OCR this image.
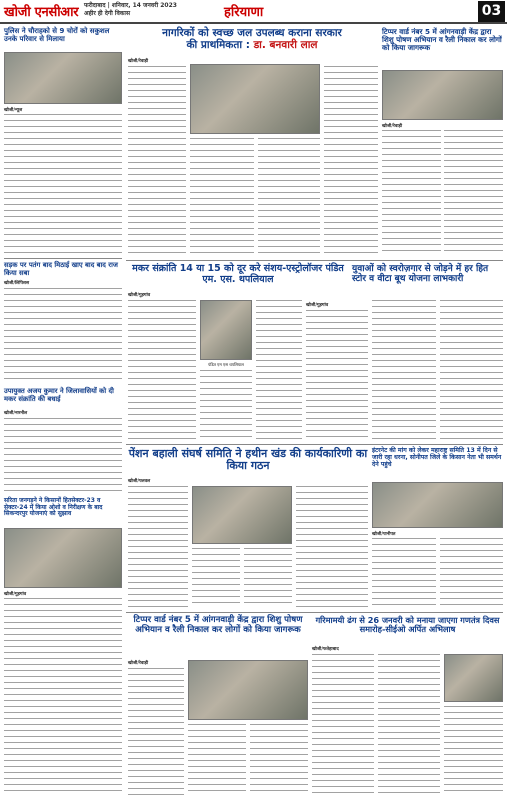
खोजी एनसीआर फरीदाबाद | शनिवार, 14 जनवरी 2023
अहीर ही देगी विकास	हरियाणा	03
पुलिस ने चौराहको से 9 चोरों को सकुशल उनके परिवार से मिलाया
खोजी/न्यूज
नागरिकों को स्वच्छ जल उपलब्ध कराना सरकार
की प्राथमिकता : डा. बनवारी लाल
खोजी/रेवाड़ी
टिप्पर वार्ड नंबर 5 में आंगनवाड़ी केंद्र द्वारा शिशु पोषण अभियान व रैली निकाल कर लोगों को किया जागरूक
खोजी/रेवाड़ी
मकर संक्रांति 14 या 15 को दूर करे संशय-एस्ट्रोलॉजर पंडित एम. एस. थपलियाल
खोजी/गुड़गांव
पंडित एम एस थपलियाल
युवाओं को स्वरोज़गार से जोड़ने में हर हित स्टोर व वीटा बूथ योजना लाभकारी
खोजी/गुड़गांव
सड़क पर पतंग बाद मिठाई खाए बाद बाद राज किया सबा
खोजी/लिपिशस
उपायुक्त अजय कुमार ने जिलावासियों को दी मकर संक्रांति की बधाई
खोजी/नारनौल
सरिता जनगड़ने ने किसानों हितसेक्टर-23 व सेक्टर-24 में किया ओशो व निरीक्षण के बाद सिकन्दरपुर योजनाएं को सुझाव
खोजी/गुड़गांव
पेंशन बहाली संघर्ष समिति ने हथीन खंड की कार्यकारिणी का किया गठन
खोजी/पलवल
इंटरनेट की मांग को लेकर महाराष्ट्र समिति 13 में दिन से जारी रहा धरना, सोनीपत जिले के किसान नेता भी समर्थन देने पहुंचे
खोजी/पानीपत
टिप्पर वार्ड नंबर 5 में आंगनवाड़ी केंद्र द्वारा शिशु पोषण अभियान व रैली निकाल कर लोगों को किया जागरूक
खोजी/रेवाड़ी
गरिमामयी ढंग से 26 जनवरी को मनाया जाएगा गणतंत्र दिवस समारोह-सीईओ अर्पित अभिलाष
खोजी/फतेहाबाद
